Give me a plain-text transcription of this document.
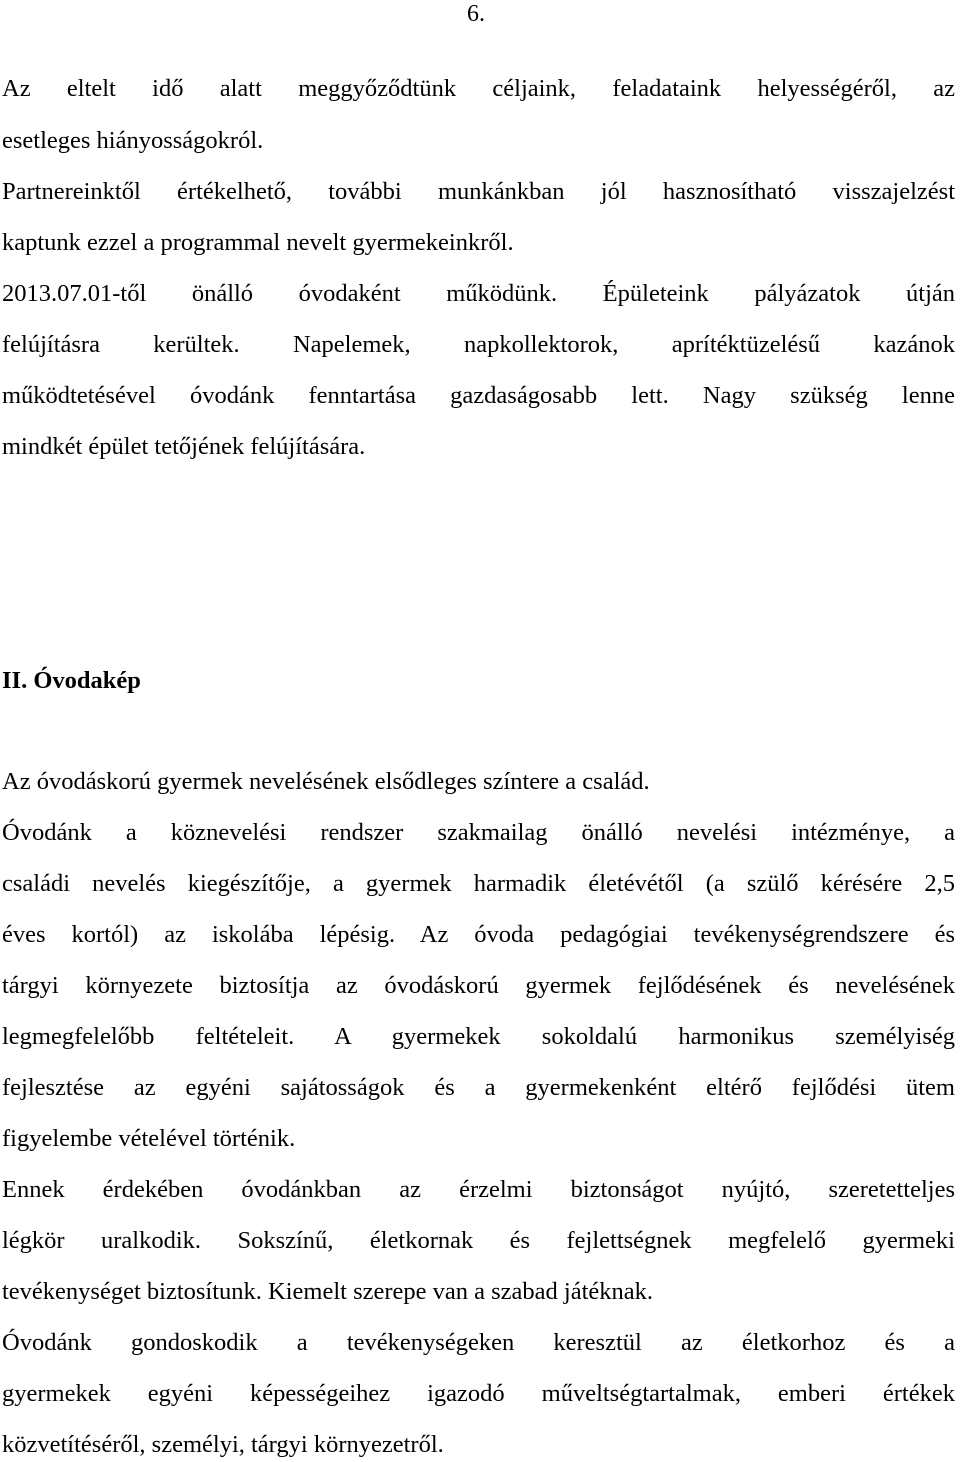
6.
Az eltelt idő alatt meggyőződtünk céljaink, feladataink helyességéről, az
esetleges hiányosságokról.
Partnereinktől értékelhető, további munkánkban jól hasznosítható visszajelzést
kaptunk ezzel a programmal nevelt gyermekeinkről.
2013.07.01-től önálló óvodaként működünk. Épületeink pályázatok útján
felújításra kerültek. Napelemek, napkollektorok, aprítéktüzelésű kazánok
működtetésével óvodánk fenntartása gazdaságosabb lett. Nagy szükség lenne
mindkét épület tetőjének felújítására.
II. Óvodakép
Az óvodáskorú gyermek nevelésének elsődleges színtere a család.
Óvodánk a köznevelési rendszer szakmailag önálló nevelési intézménye, a
családi nevelés kiegészítője, a gyermek harmadik életévétől (a szülő kérésére 2,5
éves kortól) az iskolába lépésig. Az óvoda pedagógiai tevékenységrendszere és
tárgyi környezete biztosítja az óvodáskorú gyermek fejlődésének és nevelésének
legmegfelelőbb feltételeit. A gyermekek sokoldalú harmonikus személyiség
fejlesztése az egyéni sajátosságok és a gyermekenként eltérő fejlődési ütem
figyelembe vételével történik.
Ennek érdekében óvodánkban az érzelmi biztonságot nyújtó, szeretetteljes
légkör uralkodik. Sokszínű, életkornak és fejlettségnek megfelelő gyermeki
tevékenységet biztosítunk. Kiemelt szerepe van a szabad játéknak.
Óvodánk gondoskodik a tevékenységeken keresztül az életkorhoz és a
gyermekek egyéni képességeihez igazodó műveltségtartalmak, emberi értékek
közvetítéséről, személyi, tárgyi környezetről.
